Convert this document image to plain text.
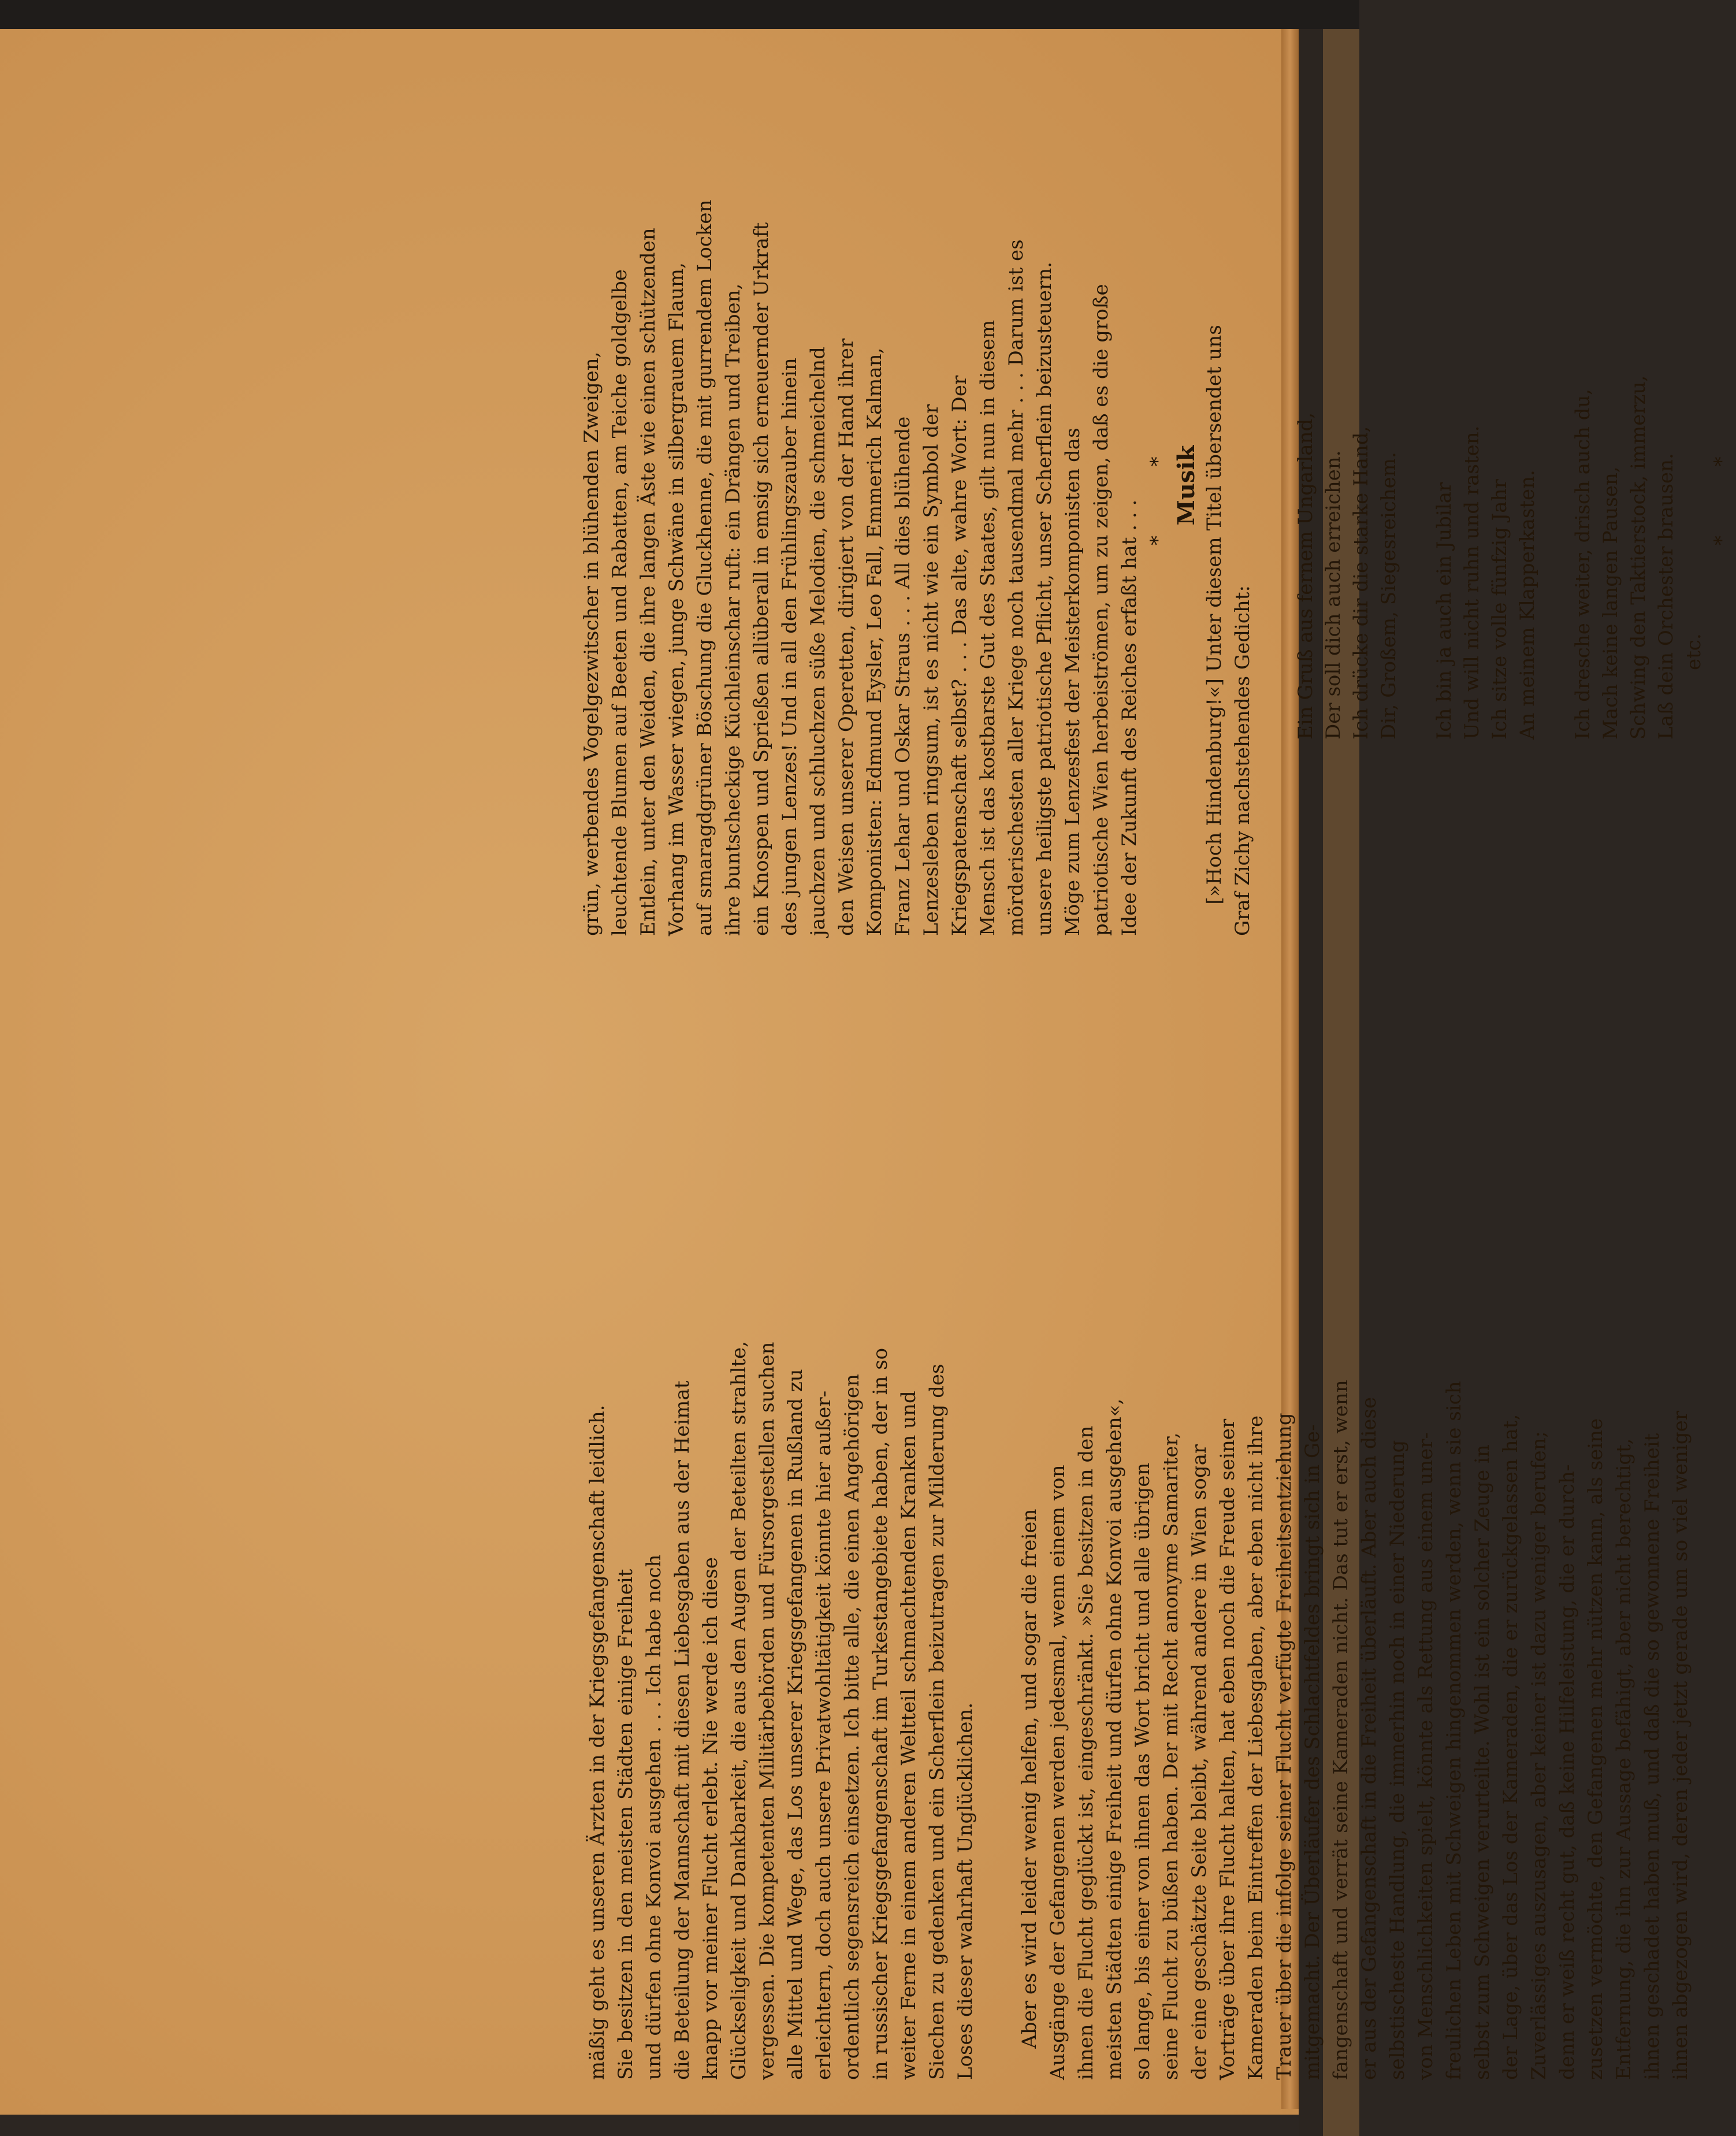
grün, werbendes Vogelgezwitscher in blühenden Zweigen, leuchtende Blumen auf Beeten und Rabatten, am Teiche goldgelbe Entlein, unter den Weiden, die ihre langen Äste wie einen schützenden Vorhang im Wasser wiegen, junge Schwäne in silbergrauem Flaum, auf smaragdgrüner Böschung die Gluckhenne, die mit gurrendem Locken ihre buntscheckige Küchleinschar ruft: ein Drängen und Treiben, ein Knospen und Sprießen allüberall in emsig sich erneuernder Urkraft des jungen Lenzes! Und in all den Frühlingszauber hinein jauchzen und schluchzen süße Melodien, die schmeichelnd den Weisen unserer Operetten, dirigiert von der Hand ihrer Komponisten: Edmund Eysler, Leo Fall, Emmerich Kalman, Franz Lehar und Oskar Straus . . . All dies blühende Lenzesleben ringsum, ist es nicht wie ein Symbol der Kriegspatenschaft selbst? . . . Das alte, wahre Wort: Der Mensch ist das kostbarste Gut des Staates, gilt nun in diesem mörderischesten aller Kriege noch tausendmal mehr . . . Darum ist es unsere heiligste patriotische Pflicht, unser Scherflein beizusteuern. Möge zum Lenzesfest der Meisterkomponisten das patriotische Wien herbeiströmen, um zu zeigen, daß es die große Idee der Zukunft des Reiches erfaßt hat . . .

* * Musik [»Hoch Hindenburg!«] Unter diesem Titel übersendet uns Graf Zichy nachstehendes Gedicht:

Ein Gruß aus fernem Ungarland, Der soll dich auch erreichen. Ich drücke dir die starke Hand, Dir, Großem, Siegesreichem. Ich bin ja auch ein Jubilar Und will nicht ruhn und rasten. Ich sitze volle fünfzig Jahr An meinem Klapperkasten. Ich dresche weiter, drisch auch du, Mach keine langen Pausen, Schwing den Taktierstock, immerzu, Laß dein Orchester brausen. etc.

* *

mäßig geht es unseren Ärzten in der Kriegsgefangenschaft leidlich. Sie besitzen in den meisten Städten einige Freiheit und dürfen ohne Konvoi ausgehen . . . Ich habe noch die Beteilung der Mannschaft mit diesen Liebesgaben aus der Heimat knapp vor meiner Flucht erlebt. Nie werde ich diese Glückseligkeit und Dankbarkeit, die aus den Augen der Beteilten strahlte, vergessen. Die kompetenten Militärbehörden und Fürsorgestellen suchen alle Mittel und Wege, das Los unserer Kriegsgefangenen in Rußland zu erleichtern, doch auch unsere Privatwohltätigkeit könnte hier außer- ordentlich segensreich einsetzen. Ich bitte alle, die einen Angehörigen in russischer Kriegsgefangenschaft im Turkestangebiete haben, der in so weiter Ferne in einem anderen Weltteil schmachtenden Kranken und Siechen zu gedenken und ein Scherflein beizutragen zur Milderung des Loses dieser wahrhaft Unglücklichen. Aber es wird leider wenig helfen, und sogar die freien Ausgänge der Gefangenen werden jedesmal, wenn einem von ihnen die Flucht geglückt ist, eingeschränkt. »Sie besitzen in den meisten Städten einige Freiheit und dürfen ohne Konvoi ausgehen«, so lange, bis einer von ihnen das Wort bricht und alle übrigen seine Flucht zu büßen haben. Der mit Recht anonyme Samariter, der eine geschätzte Seite bleibt, während andere in Wien sogar Vorträge über ihre Flucht halten, hat eben noch die Freude seiner Kameraden beim Eintreffen der Liebesgaben, aber eben nicht ihre Trauer über die infolge seiner Flucht verfügte Freiheitsentziehung mitgemacht. Der Überläufer des Schlachtfeldes bringt sich in Ge- fangenschaft und verrät seine Kameraden nicht. Das tut er erst, wenn er aus der Gefangenschaft in die Freiheit überläuft. Aber auch diese selbstischeste Handlung, die immerhin noch in einer Niederung von Menschlichkeiten spielt, könnte als Rettung aus einem uner- freulichen Leben mit Schweigen hingenommen werden, wenn sie sich selbst zum Schweigen verurteilte. Wohl ist ein solcher Zeuge in der Lage, über das Los der Kameraden, die er zurückgelassen hat, Zuverlässiges auszusagen, aber keiner ist dazu weniger berufen; denn er weiß recht gut, daß keine Hilfeleistung, die er durch- zusetzen vermöchte, den Gefangenen mehr nützen kann, als seine Entfernung, die ihn zur Aussage befähigt, aber nicht berechtigt, ihnen geschadet haben muß, und daß die so gewonnene Freiheit ihnen abgezogen wird, deren jeder jetzt gerade um so viel weniger
